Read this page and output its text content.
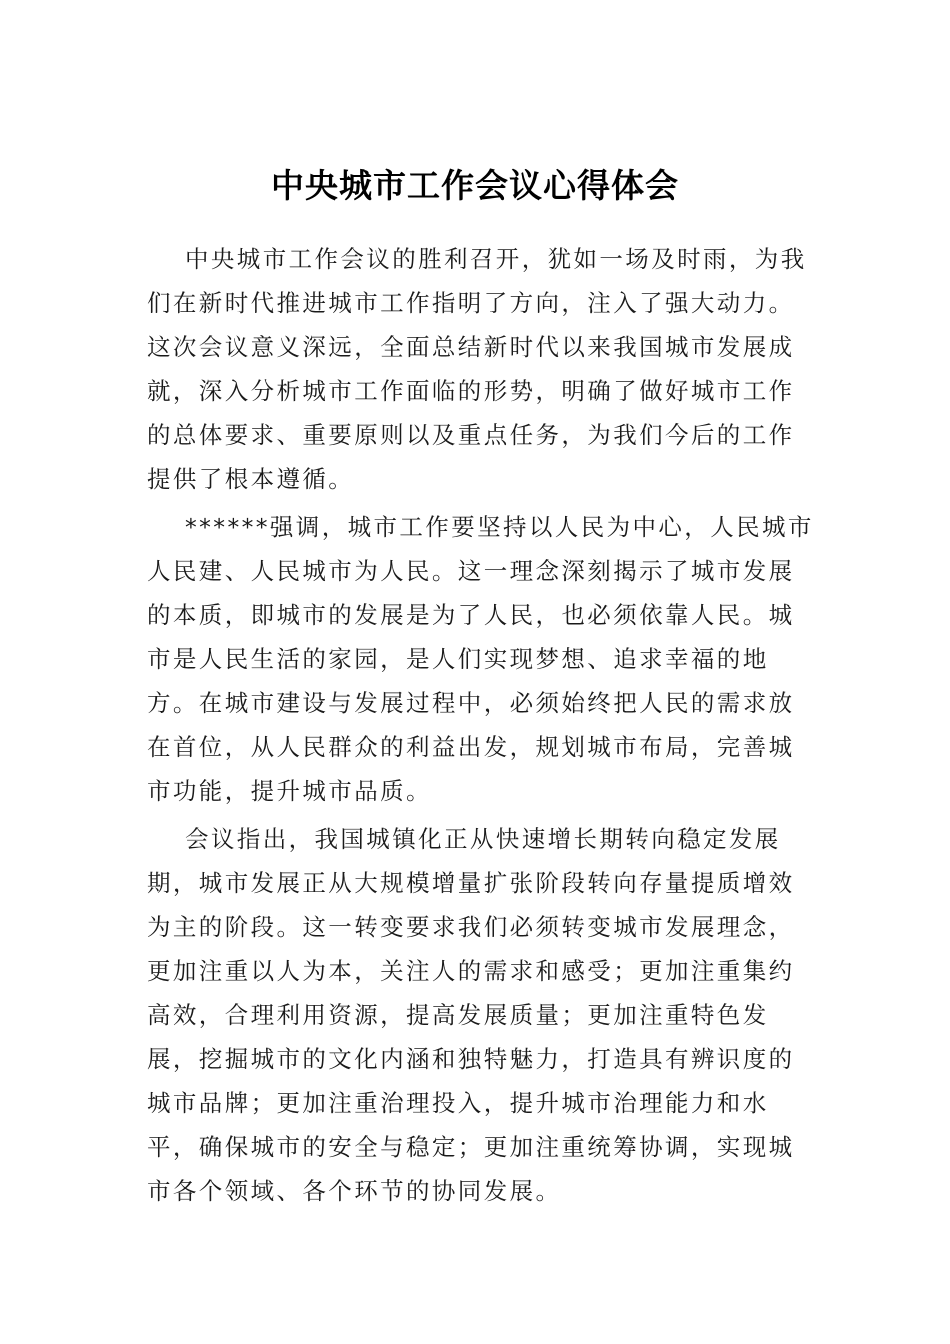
中央城市工作会议心得体会
中央城市工作会议的胜利召开，犹如一场及时雨，为我
们在新时代推进城市工作指明了方向，注入了强大动力。
这次会议意义深远，全面总结新时代以来我国城市发展成
就，深入分析城市工作面临的形势，明确了做好城市工作
的总体要求、重要原则以及重点任务，为我们今后的工作
提供了根本遵循。
******强调，城市工作要坚持以人民为中心，人民城市
人民建、人民城市为人民。这一理念深刻揭示了城市发展
的本质，即城市的发展是为了人民，也必须依靠人民。城
市是人民生活的家园，是人们实现梦想、追求幸福的地
方。在城市建设与发展过程中，必须始终把人民的需求放
在首位，从人民群众的利益出发，规划城市布局，完善城
市功能，提升城市品质。
会议指出，我国城镇化正从快速增长期转向稳定发展
期，城市发展正从大规模增量扩张阶段转向存量提质增效
为主的阶段。这一转变要求我们必须转变城市发展理念，
更加注重以人为本，关注人的需求和感受；更加注重集约
高效，合理利用资源，提高发展质量；更加注重特色发
展，挖掘城市的文化内涵和独特魅力，打造具有辨识度的
城市品牌；更加注重治理投入，提升城市治理能力和水
平，确保城市的安全与稳定；更加注重统筹协调，实现城
市各个领域、各个环节的协同发展。
